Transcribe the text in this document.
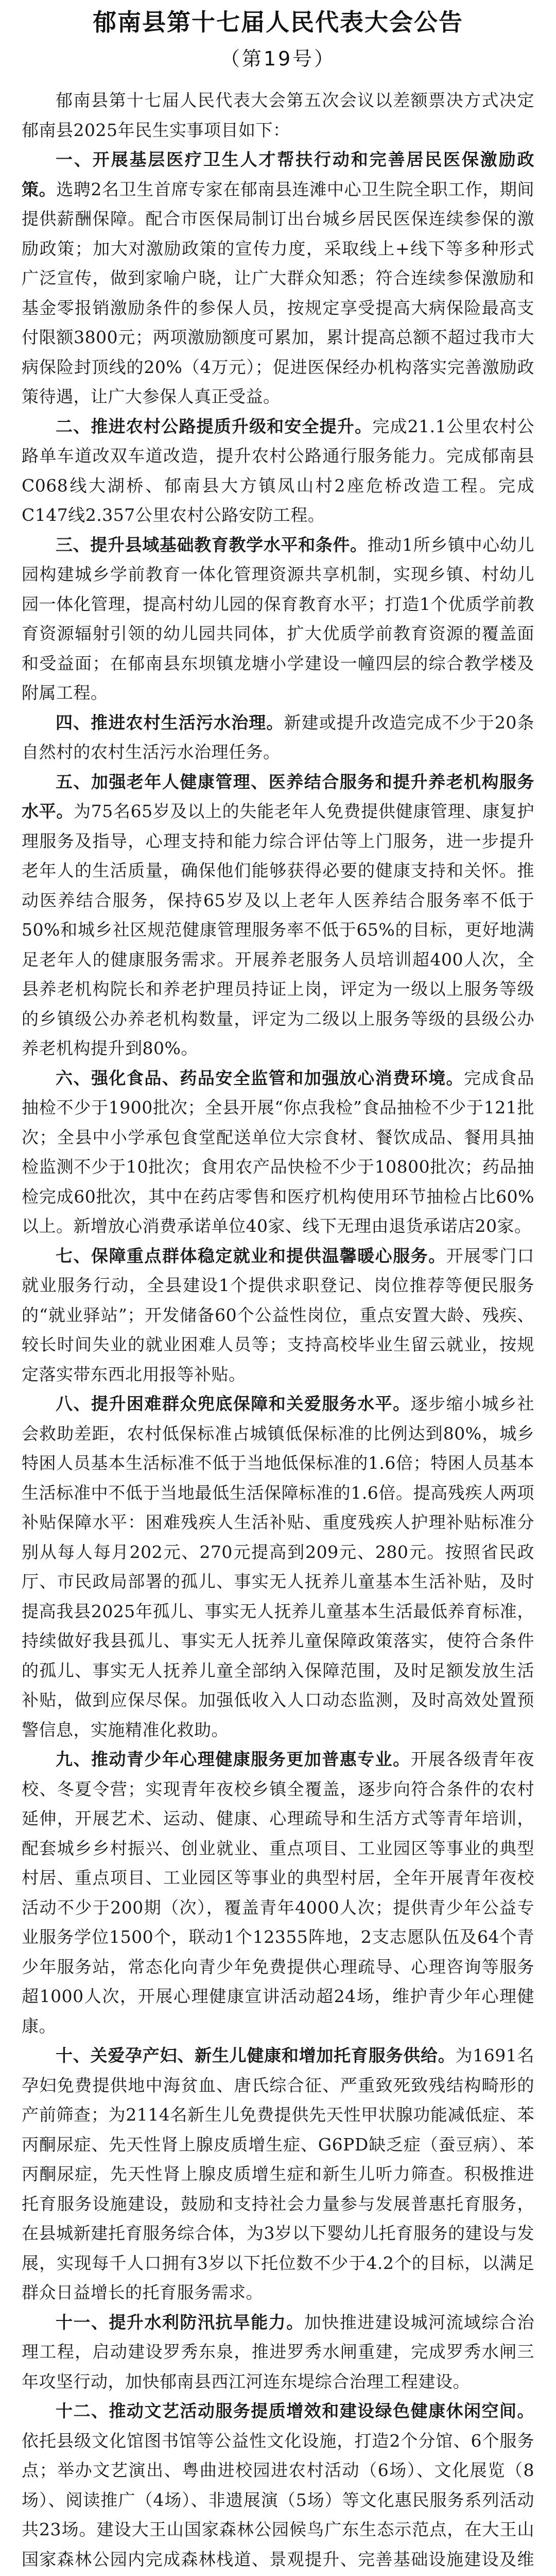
郁南县第十七届人民代表大会公告
（第19号）

郁南县第十七届人民代表大会第五次会议以差额票决方式决定郁南县2025年民生实事项目如下：

一、开展基层医疗卫生人才帮扶行动和完善居民医保激励政策。选聘2名卫生首席专家在郁南县连滩中心卫生院全职工作，期间提供薪酬保障。配合市医保局制订出台城乡居民医保连续参保的激励政策；加大对激励政策的宣传力度，采取线上+线下等多种形式广泛宣传，做到家喻户晓，让广大群众知悉；符合连续参保激励和基金零报销激励条件的参保人员，按规定享受提高大病保险最高支付限额3800元；两项激励额度可累加，累计提高总额不超过我市大病保险封顶线的20%（4万元）；促进医保经办机构落实完善激励政策待遇，让广大参保人真正受益。

二、推进农村公路提质升级和安全提升。完成21.1公里农村公路单车道改双车道改造，提升农村公路通行服务能力。完成郁南县C068线大湖桥、郁南县大方镇凤山村2座危桥改造工程。完成C147线2.357公里农村公路安防工程。

三、提升县域基础教育教学水平和条件。推动1所乡镇中心幼儿园构建城乡学前教育一体化管理资源共享机制，实现乡镇、村幼儿园一体化管理，提高村幼儿园的保育教育水平；打造1个优质学前教育资源辐射引领的幼儿园共同体，扩大优质学前教育资源的覆盖面和受益面；在郁南县东坝镇龙塘小学建设一幢四层的综合教学楼及附属工程。

四、推进农村生活污水治理。新建或提升改造完成不少于20条自然村的农村生活污水治理任务。

五、加强老年人健康管理、医养结合服务和提升养老机构服务水平。为75名65岁及以上的失能老年人免费提供健康管理、康复护理服务及指导，心理支持和能力综合评估等上门服务，进一步提升老年人的生活质量，确保他们能够获得必要的健康支持和关怀。推动医养结合服务，保持65岁及以上老年人医养结合服务率不低于50%和城乡社区规范健康管理服务率不低于65%的目标，更好地满足老年人的健康服务需求。开展养老服务人员培训超400人次，全县养老机构院长和养老护理员持证上岗，评定为一级以上服务等级的乡镇级公办养老机构数量，评定为二级以上服务等级的县级公办养老机构提升到80%。

六、强化食品、药品安全监管和加强放心消费环境。完成食品抽检不少于1900批次；全县开展“你点我检”食品抽检不少于121批次；全县中小学承包食堂配送单位大宗食材、餐饮成品、餐用具抽检监测不少于10批次；食用农产品快检不少于10800批次；药品抽检完成60批次，其中在药店零售和医疗机构使用环节抽检占比60%以上。新增放心消费承诺单位40家、线下无理由退货承诺店20家。

七、保障重点群体稳定就业和提供温馨暖心服务。开展零门口就业服务行动，全县建设1个提供求职登记、岗位推荐等便民服务的“就业驿站”；开发储备60个公益性岗位，重点安置大龄、残疾、较长时间失业的就业困难人员等；支持高校毕业生留云就业，按规定落实带东西北用报等补贴。

八、提升困难群众兜底保障和关爱服务水平。逐步缩小城乡社会救助差距，农村低保标准占城镇低保标准的比例达到80%，城乡特困人员基本生活标准不低于当地低保标准的1.6倍；特困人员基本生活标准中不低于当地最低生活保障标准的1.6倍。提高残疾人两项补贴保障水平：困难残疾人生活补贴、重度残疾人护理补贴标准分别从每人每月202元、270元提高到209元、280元。按照省民政厅、市民政局部署的孤儿、事实无人抚养儿童基本生活补贴，及时提高我县2025年孤儿、事实无人抚养儿童基本生活最低养育标准，持续做好我县孤儿、事实无人抚养儿童保障政策落实，使符合条件的孤儿、事实无人抚养儿童全部纳入保障范围，及时足额发放生活补贴，做到应保尽保。加强低收入人口动态监测，及时高效处置预警信息，实施精准化救助。

九、推动青少年心理健康服务更加普惠专业。开展各级青年夜校、冬夏令营；实现青年夜校乡镇全覆盖，逐步向符合条件的农村延伸，开展艺术、运动、健康、心理疏导和生活方式等青年培训，配套城乡乡村振兴、创业就业、重点项目、工业园区等事业的典型村居、重点项目、工业园区等事业的典型村居，全年开展青年夜校活动不少于200期（次），覆盖青年4000人次；提供青少年公益专业服务学位1500个，联动1个12355阵地，2支志愿队伍及64个青少年服务站，常态化向青少年免费提供心理疏导、心理咨询等服务超1000人次，开展心理健康宣讲活动超24场，维护青少年心理健康。

十、关爱孕产妇、新生儿健康和增加托育服务供给。为1691名孕妇免费提供地中海贫血、唐氏综合征、严重致死致残结构畸形的产前筛查；为2114名新生儿免费提供先天性甲状腺功能减低症、苯丙酮尿症、先天性肾上腺皮质增生症、G6PD缺乏症（蚕豆病）、苯丙酮尿症，先天性肾上腺皮质增生症和新生儿听力筛查。积极推进托育服务设施建设，鼓励和支持社会力量参与发展普惠托育服务，在县城新建托育服务综合体，为3岁以下婴幼儿托育服务的建设与发展，实现每千人口拥有3岁以下托位数不少于4.2个的目标，以满足群众日益增长的托育服务需求。

十一、提升水利防汛抗旱能力。加快推进建设城河流域综合治理工程，启动建设罗秀东泉，推进罗秀水闸重建，完成罗秀水闸三年攻坚行动，加快郁南县西江河连东堤综合治理工程建设。

十二、推动文艺活动服务提质增效和建设绿色健康休闲空间。依托县级文化馆图书馆等公益性文化设施，打造2个分馆、6个服务点；举办文艺演出、粤曲进校园进农村活动（6场）、文化展览（8场）、阅读推广（4场）、非遗展演（5场）等文化惠民服务系列活动共23场。建设大王山国家森林公园候鸟广东生态示范点，在大王山国家森林公园内完成森林栈道、景观提升、完善基础设施建设及维
